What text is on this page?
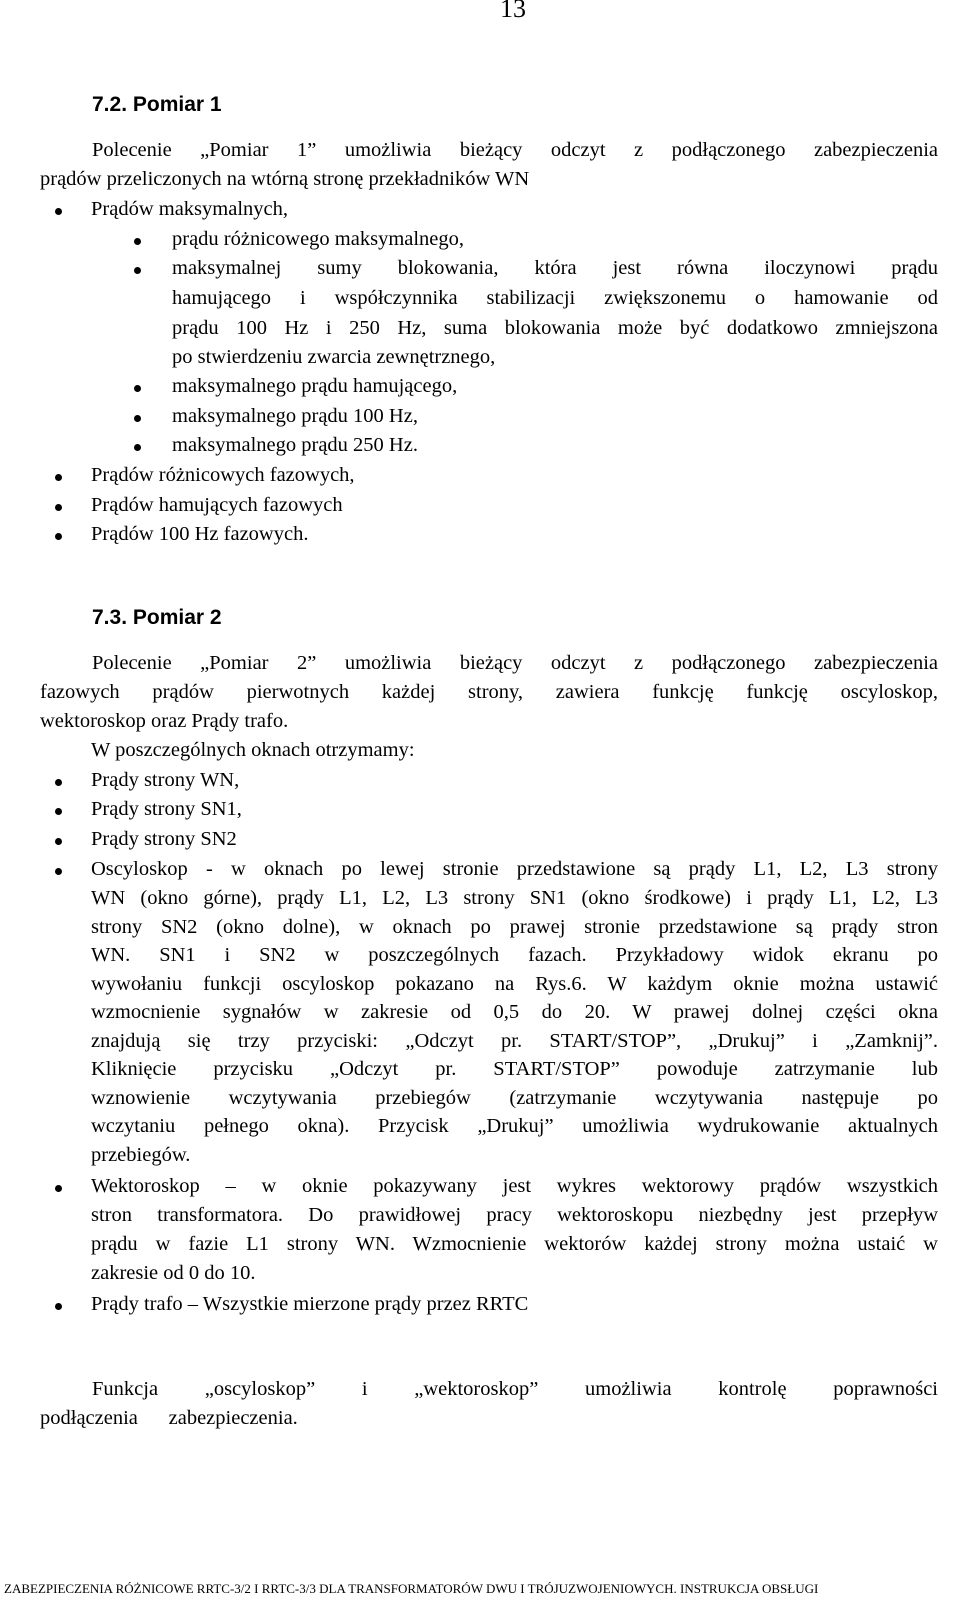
13
7.2. Pomiar 1
Polecenie „Pomiar 1” umożliwia bieżący odczyt z podłączonego zabezpieczenia
prądów przeliczonych na wtórną stronę przekładników WN
Prądów maksymalnych,
prądu różnicowego maksymalnego,
maksymalnej sumy blokowania, która jest równa iloczynowi prądu
hamującego i współczynnika stabilizacji zwiększonemu o hamowanie od
prądu 100 Hz i 250 Hz, suma blokowania może być dodatkowo zmniejszona
po stwierdzeniu zwarcia zewnętrznego,
maksymalnego prądu hamującego,
maksymalnego prądu 100 Hz,
maksymalnego prądu 250 Hz.
Prądów różnicowych fazowych,
Prądów hamujących fazowych
Prądów 100 Hz fazowych.
7.3. Pomiar 2
Polecenie „Pomiar 2” umożliwia bieżący odczyt z podłączonego zabezpieczenia
fazowych prądów pierwotnych każdej strony, zawiera funkcję funkcję oscyloskop,
wektoroskop oraz Prądy trafo.
W poszczególnych oknach otrzymamy:
Prądy strony WN,
Prądy strony SN1,
Prądy strony SN2
Oscyloskop - w oknach po lewej stronie przedstawione są prądy L1, L2, L3 strony
WN (okno górne), prądy L1, L2, L3 strony SN1 (okno środkowe) i prądy L1, L2, L3
strony SN2 (okno dolne), w oknach po prawej stronie przedstawione są prądy stron
WN. SN1 i SN2 w poszczególnych fazach. Przykładowy widok ekranu po
wywołaniu funkcji oscyloskop pokazano na Rys.6. W każdym oknie można ustawić
wzmocnienie sygnałów w zakresie od 0,5 do 20. W prawej dolnej części okna
znajdują się trzy przyciski: „Odczyt pr. START/STOP”, „Drukuj” i „Zamknij”.
Kliknięcie przycisku „Odczyt pr. START/STOP” powoduje zatrzymanie lub
wznowienie wczytywania przebiegów (zatrzymanie wczytywania następuje po
wczytaniu pełnego okna). Przycisk „Drukuj” umożliwia wydrukowanie aktualnych
przebiegów.
Wektoroskop – w oknie pokazywany jest wykres wektorowy prądów wszystkich
stron transformatora. Do prawidłowej pracy wektoroskopu niezbędny jest przepływ
prądu w fazie L1 strony WN. Wzmocnienie wektorów każdej strony można ustaić w
zakresie od 0 do 10.
Prądy trafo – Wszystkie mierzone prądy przez RRTC
Funkcja „oscyloskop” i „wektoroskop” umożliwia kontrolę poprawności
podłączenia      zabezpieczenia.
ZABEZPIECZENIA RÓŻNICOWE RRTC-3/2 I RRTC-3/3 DLA TRANSFORMATORÓW DWU I TRÓJUZWOJENIOWYCH. INSTRUKCJA OBSŁUGI
